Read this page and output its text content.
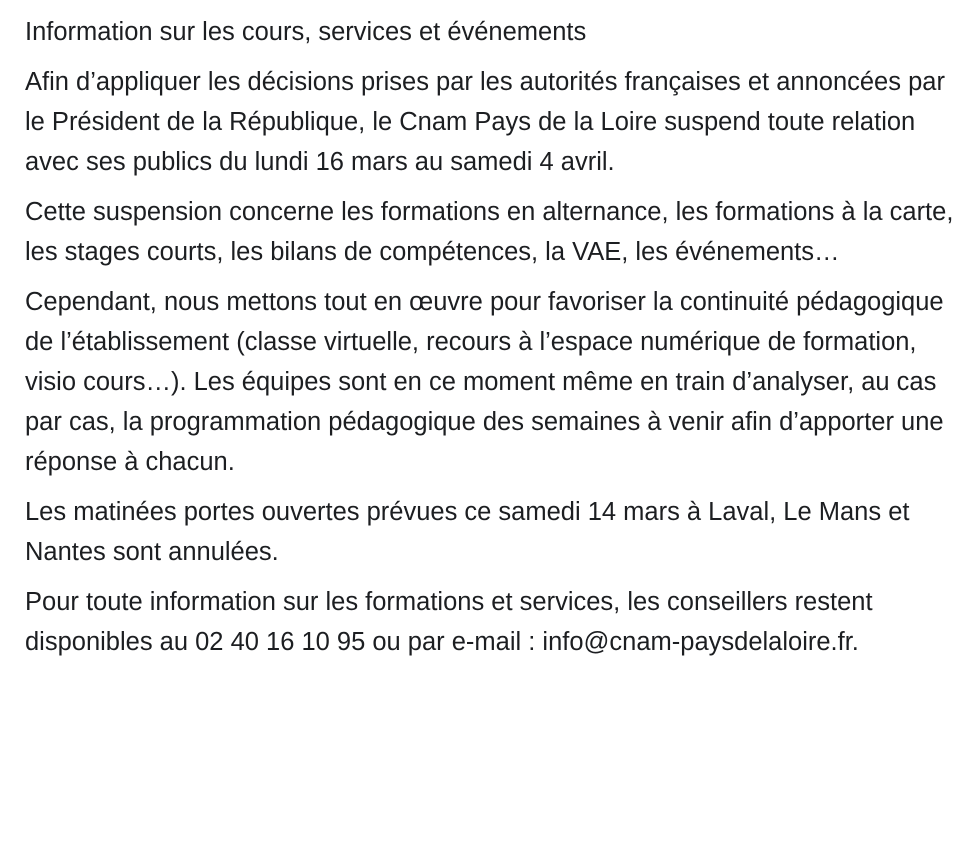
Information sur les cours, services et événements

Afin d’appliquer les décisions prises par les autorités françaises et annoncées par le Président de la République, le Cnam Pays de la Loire suspend toute relation avec ses publics du lundi 16 mars au samedi 4 avril.

Cette suspension concerne les formations en alternance, les formations à la carte, les stages courts, les bilans de compétences, la VAE, les événements…

Cependant, nous mettons tout en œuvre pour favoriser la continuité pédagogique de l’établissement (classe virtuelle, recours à l’espace numérique de formation, visio cours…). Les équipes sont en ce moment même en train d’analyser, au cas par cas, la programmation pédagogique des semaines à venir afin d’apporter une réponse à chacun.

Les matinées portes ouvertes prévues ce samedi 14 mars à Laval, Le Mans et Nantes sont annulées.

Pour toute information sur les formations et services, les conseillers restent disponibles au 02 40 16 10 95 ou par e-mail : info@cnam-paysdelaloire.fr.
